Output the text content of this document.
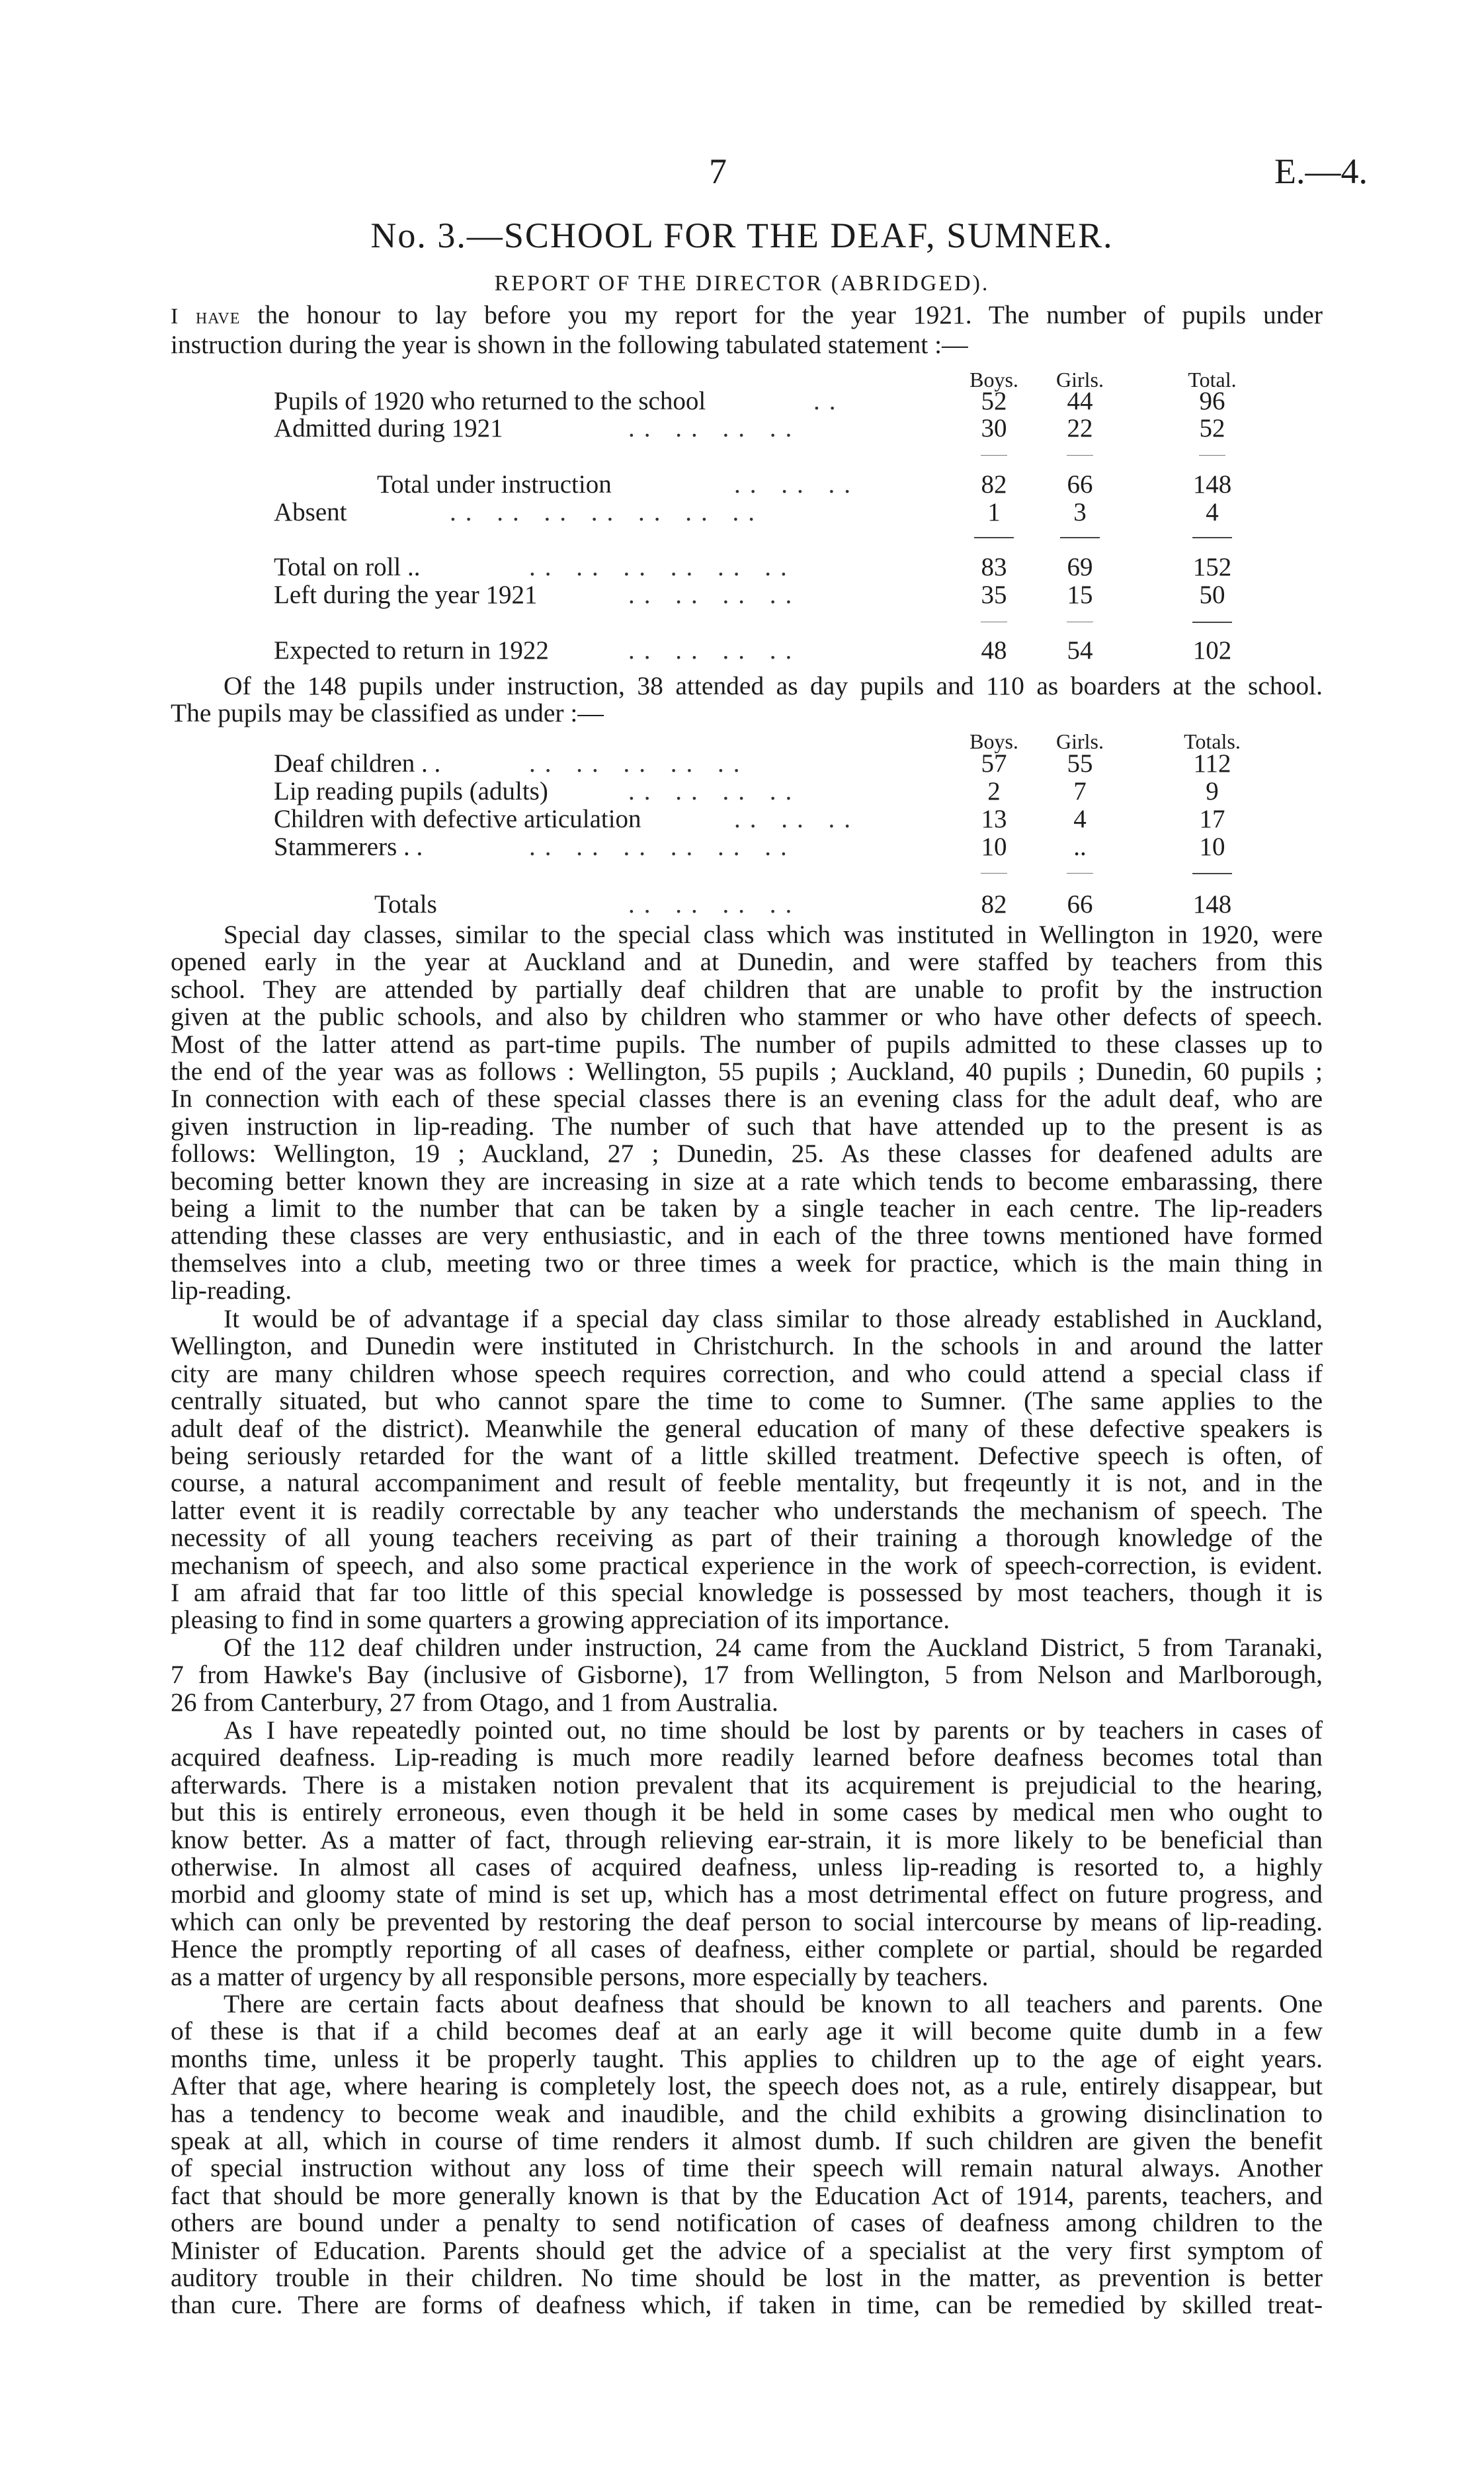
7	E.—4.
No. 3.—SCHOOL FOR THE DEAF, SUMNER.
REPORT OF THE DIRECTOR (ABRIDGED).
I have the honour to lay before you my report for the year 1921. The number of pupils under
instruction during the year is shown in the following tabulated statement :—
Boys.	Girls.	Total.
Pupils of 1920 who returned to the school	..	52	44	96
Admitted during 1921	.. .. .. ..	30	22	52
Total under instruction	.. .. ..	82	66	148
Absent	.. .. .. .. .. .. ..	1	3	4
Total on roll ..	.. .. .. .. .. ..	83	69	152
Left during the year 1921	.. .. .. ..	35	15	50
Expected to return in 1922	.. .. .. ..	48	54	102
Of the 148 pupils under instruction, 38 attended as day pupils and 110 as boarders at the school.
The pupils may be classified as under :—
Boys.	Girls.	Totals.
Deaf children . .	.. .. .. .. ..	57	55	112
Lip reading pupils (adults)	.. .. .. ..	2	7	9
Children with defective articulation	.. .. ..	13	4	17
Stammerers . .	.. .. .. .. .. ..	10	..	10
Totals	.. .. .. ..	82	66	148
Special day classes, similar to the special class which was instituted in Wellington in 1920, were
opened early in the year at Auckland and at Dunedin, and were staffed by teachers from this
school. They are attended by partially deaf children that are unable to profit by the instruction
given at the public schools, and also by children who stammer or who have other defects of speech.
Most of the latter attend as part-time pupils. The number of pupils admitted to these classes up to
the end of the year was as follows : Wellington, 55 pupils ; Auckland, 40 pupils ; Dunedin, 60 pupils ;
In connection with each of these special classes there is an evening class for the adult deaf, who are
given instruction in lip-reading. The number of such that have attended up to the present is as
follows: Wellington, 19 ; Auckland, 27 ; Dunedin, 25. As these classes for deafened adults are
becoming better known they are increasing in size at a rate which tends to become embarassing, there
being a limit to the number that can be taken by a single teacher in each centre. The lip-readers
attending these classes are very enthusiastic, and in each of the three towns mentioned have formed
themselves into a club, meeting two or three times a week for practice, which is the main thing in
lip-reading.
It would be of advantage if a special day class similar to those already established in Auckland,
Wellington, and Dunedin were instituted in Christchurch. In the schools in and around the latter
city are many children whose speech requires correction, and who could attend a special class if
centrally situated, but who cannot spare the time to come to Sumner. (The same applies to the
adult deaf of the district). Meanwhile the general education of many of these defective speakers is
being seriously retarded for the want of a little skilled treatment. Defective speech is often, of
course, a natural accompaniment and result of feeble mentality, but freqeuntly it is not, and in the
latter event it is readily correctable by any teacher who understands the mechanism of speech. The
necessity of all young teachers receiving as part of their training a thorough knowledge of the
mechanism of speech, and also some practical experience in the work of speech-correction, is evident.
I am afraid that far too little of this special knowledge is possessed by most teachers, though it is
pleasing to find in some quarters a growing appreciation of its importance.
Of the 112 deaf children under instruction, 24 came from the Auckland District, 5 from Taranaki,
7 from Hawke's Bay (inclusive of Gisborne), 17 from Wellington, 5 from Nelson and Marlborough,
26 from Canterbury, 27 from Otago, and 1 from Australia.
As I have repeatedly pointed out, no time should be lost by parents or by teachers in cases of
acquired deafness. Lip-reading is much more readily learned before deafness becomes total than
afterwards. There is a mistaken notion prevalent that its acquirement is prejudicial to the hearing,
but this is entirely erroneous, even though it be held in some cases by medical men who ought to
know better. As a matter of fact, through relieving ear-strain, it is more likely to be beneficial than
otherwise. In almost all cases of acquired deafness, unless lip-reading is resorted to, a highly
morbid and gloomy state of mind is set up, which has a most detrimental effect on future progress, and
which can only be prevented by restoring the deaf person to social intercourse by means of lip-reading.
Hence the promptly reporting of all cases of deafness, either complete or partial, should be regarded
as a matter of urgency by all responsible persons, more especially by teachers.
There are certain facts about deafness that should be known to all teachers and parents. One
of these is that if a child becomes deaf at an early age it will become quite dumb in a few
months time, unless it be properly taught. This applies to children up to the age of eight years.
After that age, where hearing is completely lost, the speech does not, as a rule, entirely disappear, but
has a tendency to become weak and inaudible, and the child exhibits a growing disinclination to
speak at all, which in course of time renders it almost dumb. If such children are given the benefit
of special instruction without any loss of time their speech will remain natural always. Another
fact that should be more generally known is that by the Education Act of 1914, parents, teachers, and
others are bound under a penalty to send notification of cases of deafness among children to the
Minister of Education. Parents should get the advice of a specialist at the very first symptom of
auditory trouble in their children. No time should be lost in the matter, as prevention is better
than cure. There are forms of deafness which, if taken in time, can be remedied by skilled treat-
